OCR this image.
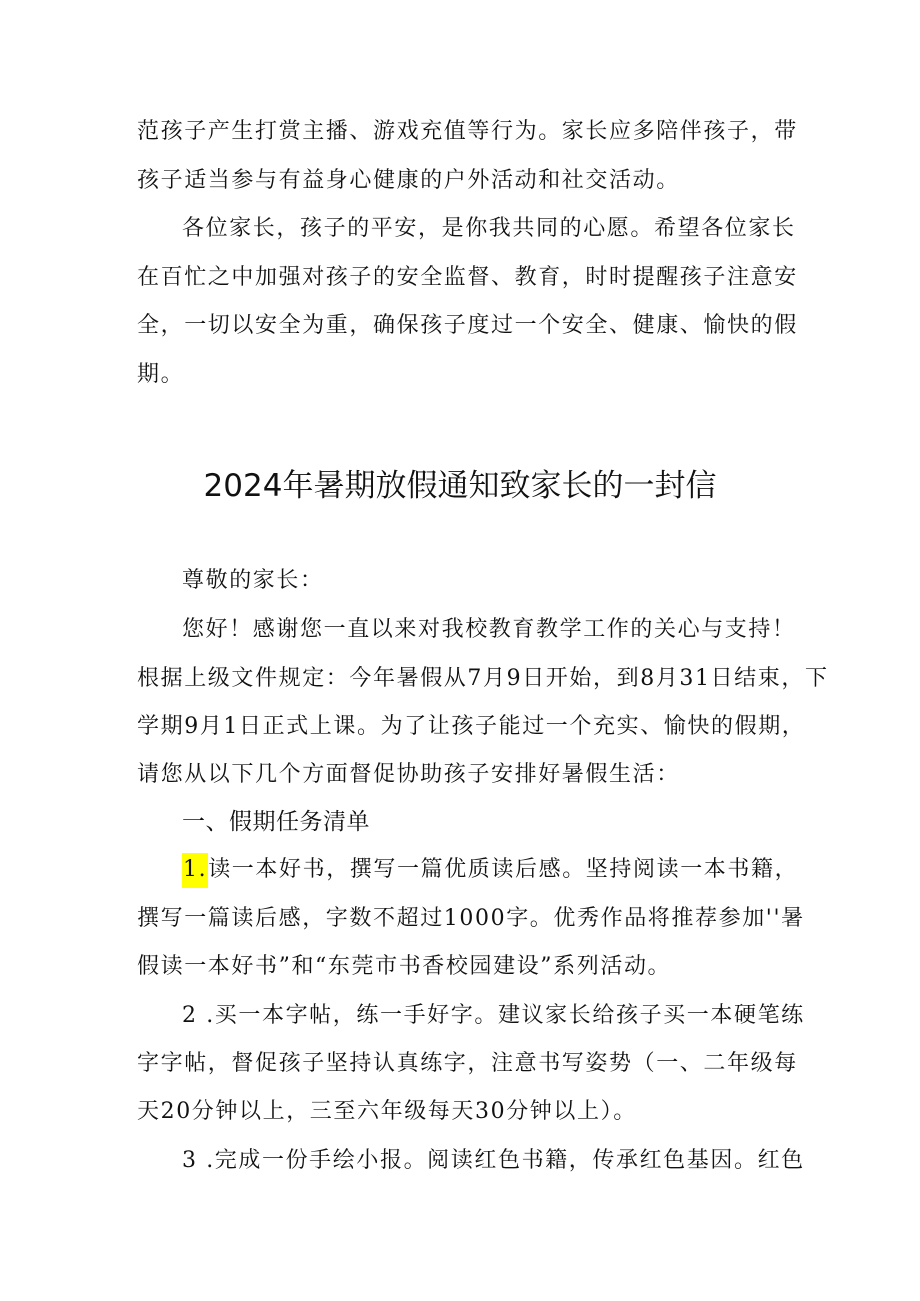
范孩子产生打赏主播、游戏充值等行为。家长应多陪伴孩子，带
孩子适当参与有益身心健康的户外活动和社交活动。
各位家长，孩子的平安，是你我共同的心愿。希望各位家长
在百忙之中加强对孩子的安全监督、教育，时时提醒孩子注意安
全，一切以安全为重，确保孩子度过一个安全、健康、愉快的假
期。
2024年暑期放假通知致家长的一封信
尊敬的家长：
您好！感谢您一直以来对我校教育教学工作的关心与支持！
根据上级文件规定：今年暑假从7月9日开始，到8月31日结束，下
学期9月1日正式上课。为了让孩子能过一个充实、愉快的假期，
请您从以下几个方面督促协助孩子安排好暑假生活：
一、假期任务清单
1.读一本好书，撰写一篇优质读后感。坚持阅读一本书籍，
撰写一篇读后感，字数不超过1000字。优秀作品将推荐参加''暑
假读一本好书”和“东莞市书香校园建设”系列活动。
2 .买一本字帖，练一手好字。建议家长给孩子买一本硬笔练
字字帖，督促孩子坚持认真练字，注意书写姿势（一、二年级每
天20分钟以上，三至六年级每天30分钟以上）。
3 .完成一份手绘小报。阅读红色书籍，传承红色基因。红色
